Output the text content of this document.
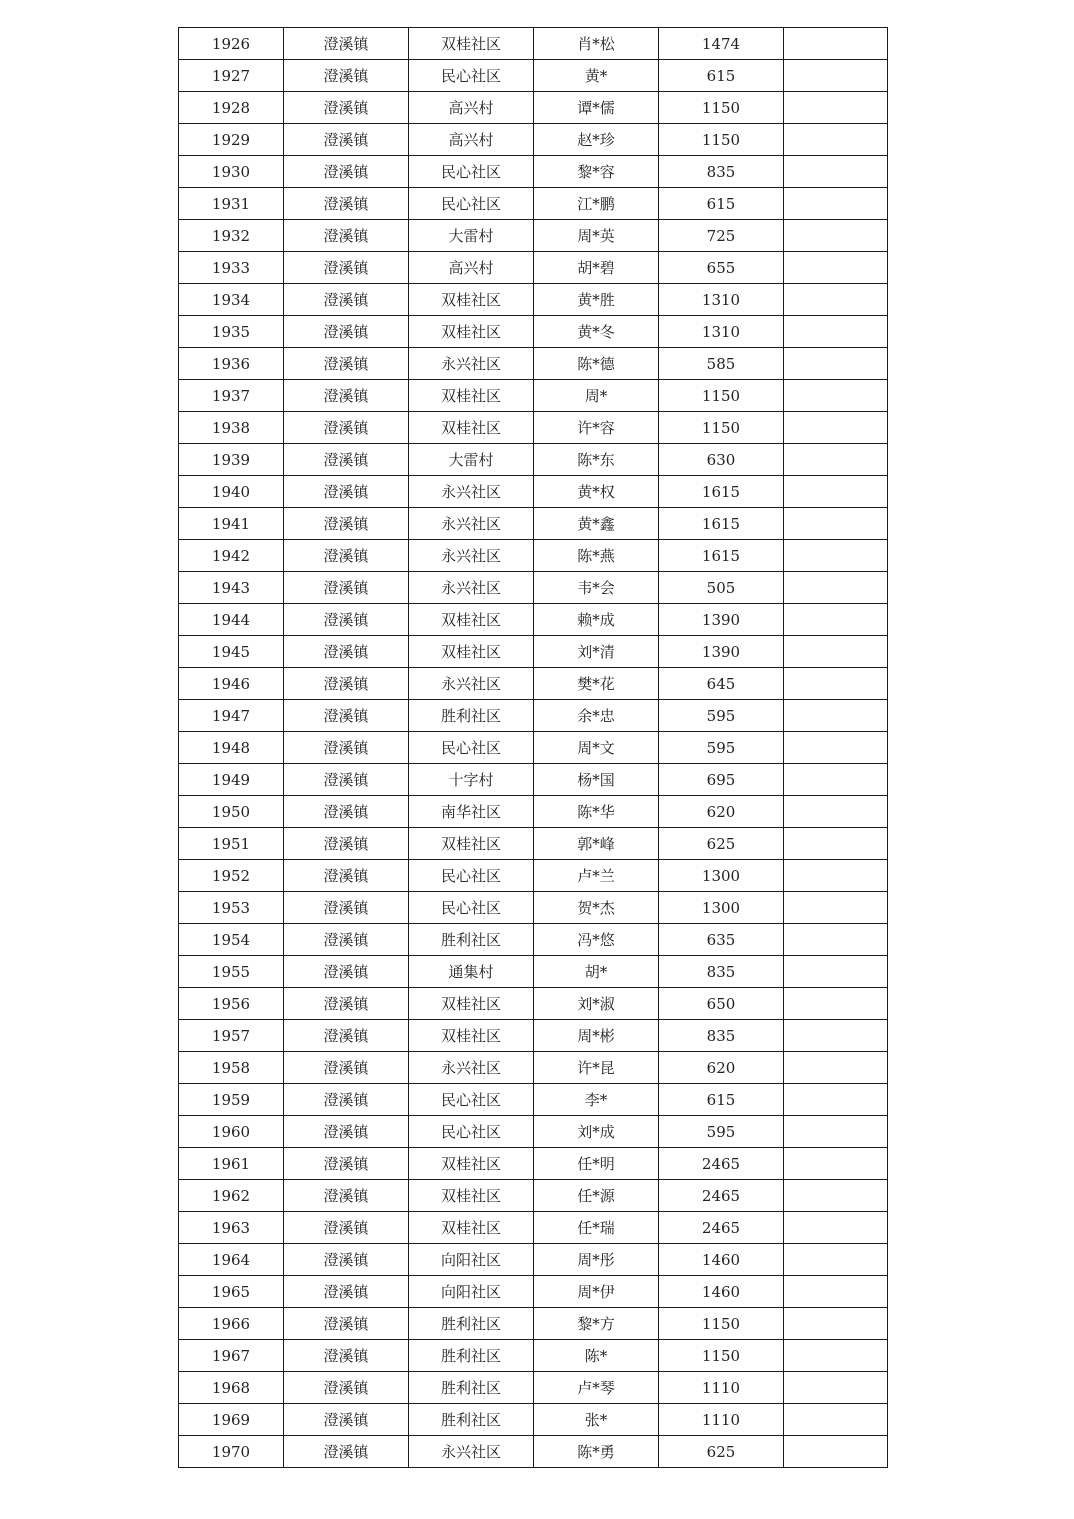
1926	澄溪镇	双桂社区	肖*松	1474	
1927	澄溪镇	民心社区	黄*	615	
1928	澄溪镇	高兴村	谭*儒	1150	
1929	澄溪镇	高兴村	赵*珍	1150	
1930	澄溪镇	民心社区	黎*容	835	
1931	澄溪镇	民心社区	江*鹏	615	
1932	澄溪镇	大雷村	周*英	725	
1933	澄溪镇	高兴村	胡*碧	655	
1934	澄溪镇	双桂社区	黄*胜	1310	
1935	澄溪镇	双桂社区	黄*冬	1310	
1936	澄溪镇	永兴社区	陈*德	585	
1937	澄溪镇	双桂社区	周*	1150	
1938	澄溪镇	双桂社区	许*容	1150	
1939	澄溪镇	大雷村	陈*东	630	
1940	澄溪镇	永兴社区	黄*权	1615	
1941	澄溪镇	永兴社区	黄*鑫	1615	
1942	澄溪镇	永兴社区	陈*燕	1615	
1943	澄溪镇	永兴社区	韦*会	505	
1944	澄溪镇	双桂社区	赖*成	1390	
1945	澄溪镇	双桂社区	刘*清	1390	
1946	澄溪镇	永兴社区	樊*花	645	
1947	澄溪镇	胜利社区	余*忠	595	
1948	澄溪镇	民心社区	周*文	595	
1949	澄溪镇	十字村	杨*国	695	
1950	澄溪镇	南华社区	陈*华	620	
1951	澄溪镇	双桂社区	郭*峰	625	
1952	澄溪镇	民心社区	卢*兰	1300	
1953	澄溪镇	民心社区	贺*杰	1300	
1954	澄溪镇	胜利社区	冯*悠	635	
1955	澄溪镇	通集村	胡*	835	
1956	澄溪镇	双桂社区	刘*淑	650	
1957	澄溪镇	双桂社区	周*彬	835	
1958	澄溪镇	永兴社区	许*昆	620	
1959	澄溪镇	民心社区	李*	615	
1960	澄溪镇	民心社区	刘*成	595	
1961	澄溪镇	双桂社区	任*明	2465	
1962	澄溪镇	双桂社区	任*源	2465	
1963	澄溪镇	双桂社区	任*瑞	2465	
1964	澄溪镇	向阳社区	周*彤	1460	
1965	澄溪镇	向阳社区	周*伊	1460	
1966	澄溪镇	胜利社区	黎*方	1150	
1967	澄溪镇	胜利社区	陈*	1150	
1968	澄溪镇	胜利社区	卢*琴	1110	
1969	澄溪镇	胜利社区	张*	1110	
1970	澄溪镇	永兴社区	陈*勇	625	
